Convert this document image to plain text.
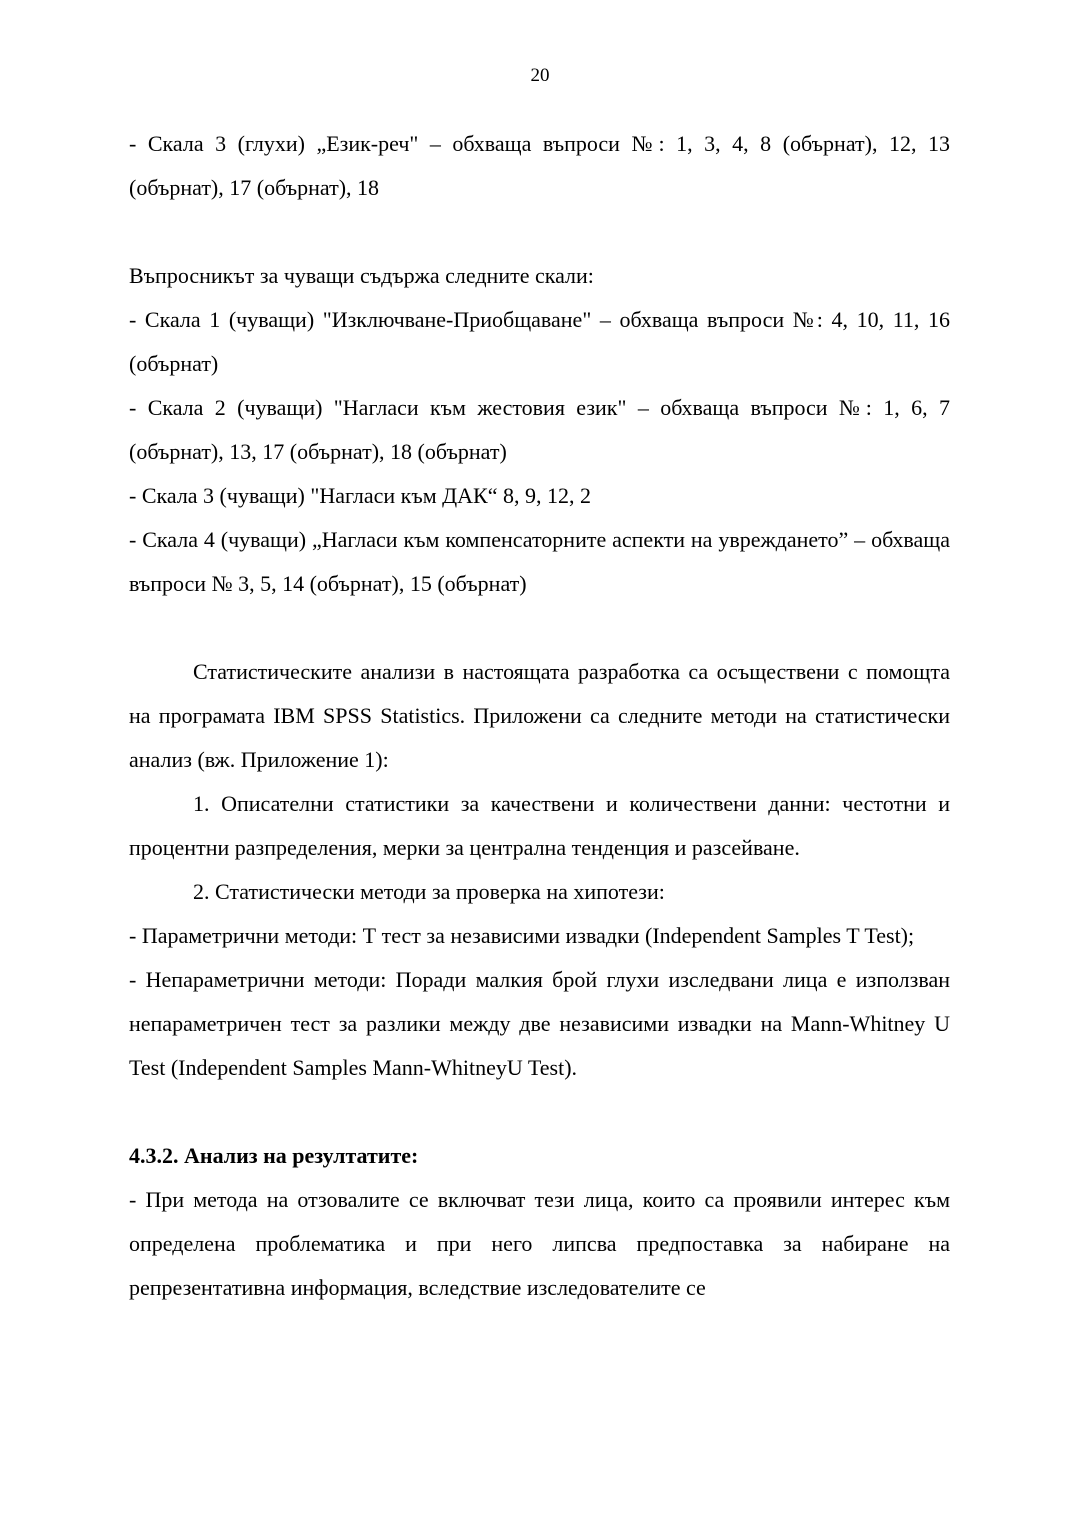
20

- Скала 3 (глухи) „Език-реч" – обхваща въпроси №: 1, 3, 4, 8 (обърнат), 12, 13 (обърнат), 17 (обърнат), 18

Въпросникът за чуващи съдържа следните скали:

- Скала 1 (чуващи) "Изключване-Приобщаване" – обхваща въпроси №: 4, 10, 11, 16 (обърнат)

- Скала 2 (чуващи) "Нагласи към жестовия език" – обхваща въпроси №: 1, 6, 7 (обърнат), 13, 17 (обърнат), 18 (обърнат)

- Скала 3 (чуващи) "Нагласи към ДАК“ 8, 9, 12, 2

- Скала 4 (чуващи) „Нагласи към компенсаторните аспекти на увреждането” – обхваща въпроси № 3, 5, 14 (обърнат), 15 (обърнат)

Статистическите анализи в настоящата разработка са осъществени с помощта на програмата IBM SPSS Statistics. Приложени са следните методи на статистически анализ (вж. Приложение 1):

1. Описателни статистики за качествени и количествени данни: честотни и процентни разпределения, мерки за централна тенденция и разсейване.

2. Статистически методи за проверка на хипотези:

- Параметрични методи: Т тест за независими извадки (Independent Samples T Test);

- Непараметрични методи: Поради малкия брой глухи изследвани лица е използван непараметричен тест за разлики между две независими извадки на Mann-Whitney U Test (Independent Samples Mann-WhitneyU Test).

4.3.2. Анализ на резултатите:

- При метода на отзовалите се включват тези лица, които са проявили интерес към определена проблематика и при него липсва предпоставка за набиране на репрезентативна информация, вследствие изследователите се
